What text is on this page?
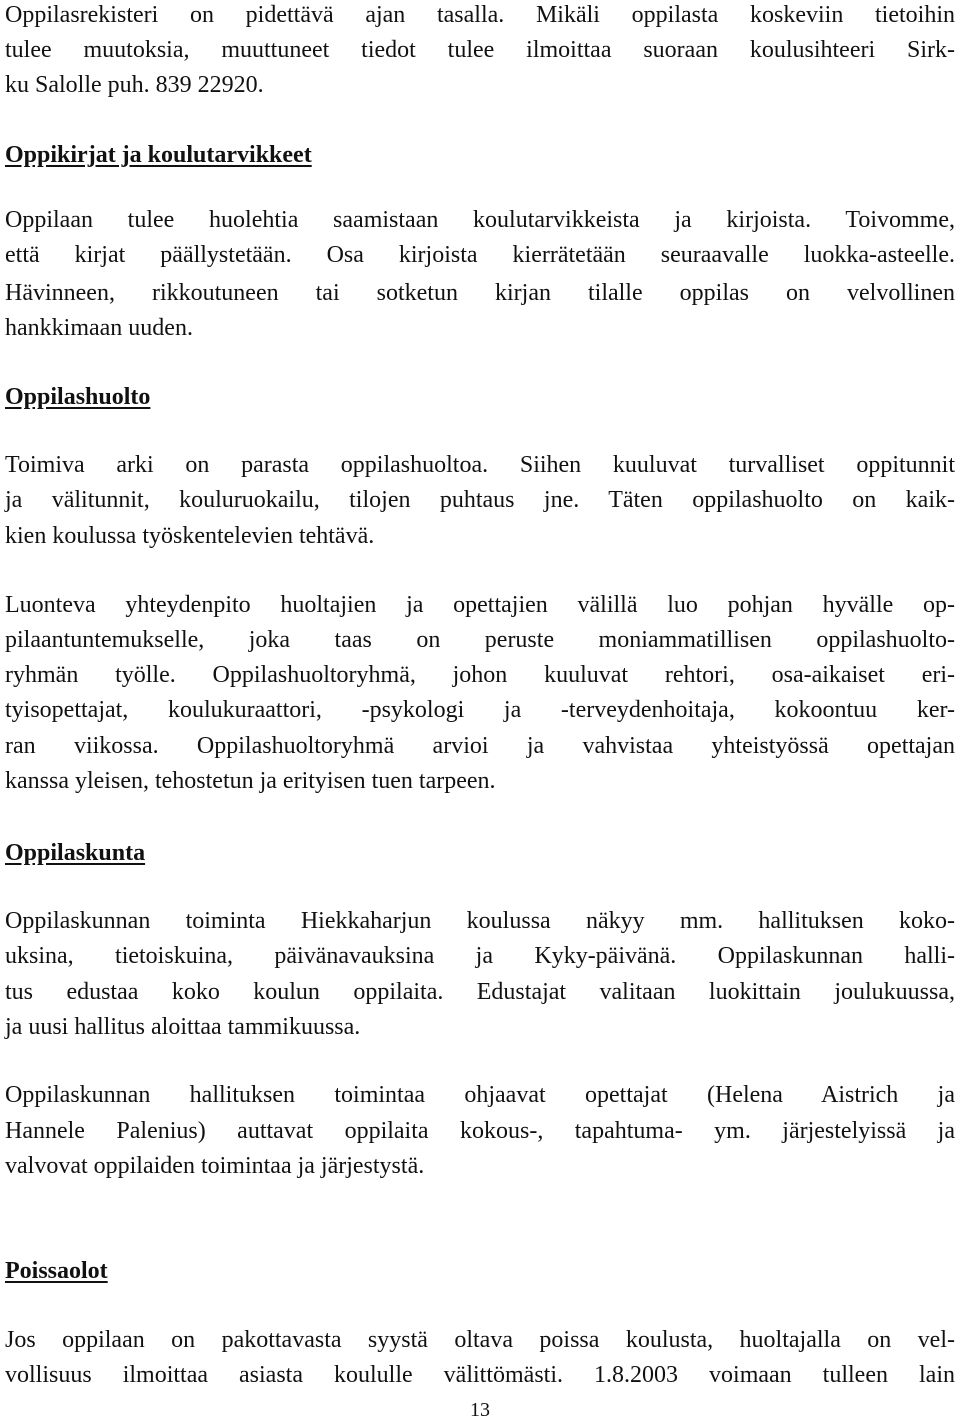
Oppilasrekisteri on pidettävä ajan tasalla. Mikäli oppilasta koskeviin tietoihin
tulee muutoksia, muuttuneet tiedot tulee ilmoittaa suoraan koulusihteeri Sirk-
ku Salolle puh. 839 22920.
Oppikirjat ja koulutarvikkeet
Oppilaan tulee huolehtia saamistaan koulutarvikkeista ja kirjoista. Toivomme,
että kirjat päällystetään. Osa kirjoista kierrätetään seuraavalle luokka-asteelle.
Hävinneen, rikkoutuneen tai sotketun kirjan tilalle oppilas on velvollinen
hankkimaan uuden.
Oppilashuolto
Toimiva arki on parasta oppilashuoltoa. Siihen kuuluvat turvalliset oppitunnit
ja välitunnit, kouluruokailu, tilojen puhtaus jne. Täten oppilashuolto on kaik-
kien koulussa työskentelevien tehtävä.
Luonteva yhteydenpito huoltajien ja opettajien välillä luo pohjan hyvälle op-
pilaantuntemukselle, joka taas on peruste moniammatillisen oppilashuolto-
ryhmän työlle. Oppilashuoltoryhmä, johon kuuluvat rehtori, osa-aikaiset eri-
tyisopettajat, koulukuraattori, -psykologi ja -terveydenhoitaja, kokoontuu ker-
ran viikossa. Oppilashuoltoryhmä arvioi ja vahvistaa yhteistyössä opettajan
kanssa yleisen, tehostetun ja erityisen tuen tarpeen.
Oppilaskunta
Oppilaskunnan toiminta Hiekkaharjun koulussa näkyy mm. hallituksen koko-
uksina, tietoiskuina, päivänavauksina ja Kyky-päivänä. Oppilaskunnan halli-
tus edustaa koko koulun oppilaita. Edustajat valitaan luokittain joulukuussa,
ja uusi hallitus aloittaa tammikuussa.
Oppilaskunnan hallituksen toimintaa ohjaavat opettajat (Helena Aistrich ja
Hannele Palenius) auttavat oppilaita kokous-, tapahtuma- ym. järjestelyissä ja
valvovat oppilaiden toimintaa ja järjestystä.
Poissaolot
Jos oppilaan on pakottavasta syystä oltava poissa koulusta, huoltajalla on vel-
vollisuus ilmoittaa asiasta koululle välittömästi. 1.8.2003 voimaan tulleen lain
13
